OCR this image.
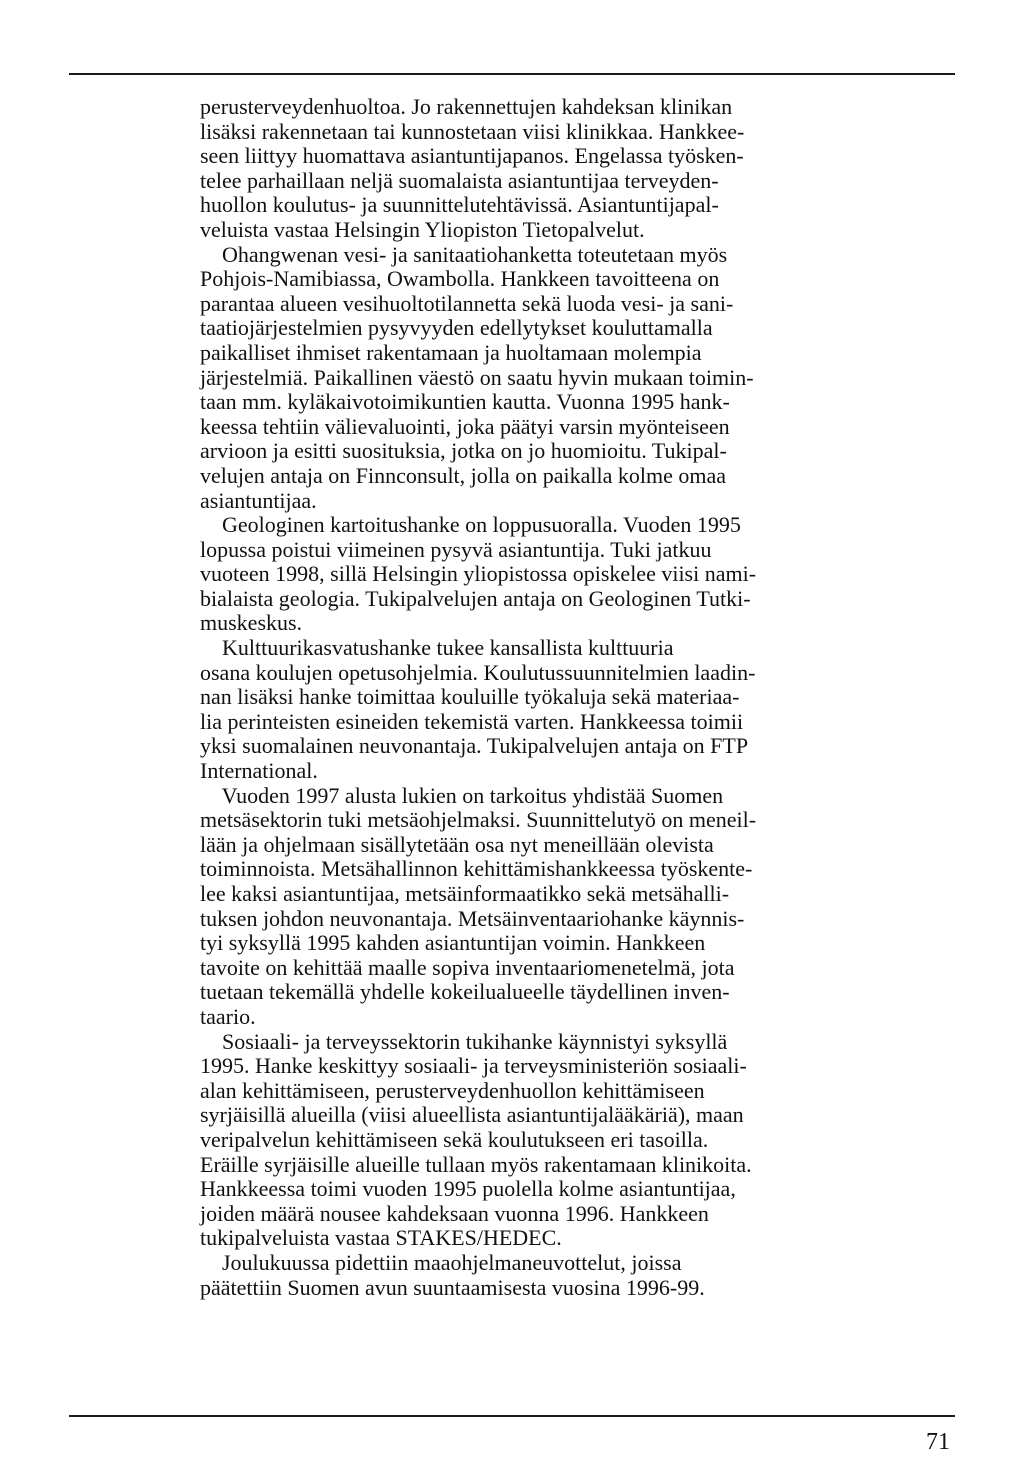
perusterveydenhuoltoa. Jo rakennettujen kahdeksan klinikan
lisäksi rakennetaan tai kunnostetaan viisi klinikkaa. Hankkee-
seen liittyy huomattava asiantuntijapanos. Engelassa työsken-
telee parhaillaan neljä suomalaista asiantuntijaa terveyden-
huollon koulutus- ja suunnittelutehtävissä. Asiantuntijapal-
veluista vastaa Helsingin Yliopiston Tietopalvelut.
Ohangwenan vesi- ja sanitaatiohanketta toteutetaan myös
Pohjois-Namibiassa, Owambolla. Hankkeen tavoitteena on
parantaa alueen vesihuoltotilannetta sekä luoda vesi- ja sani-
taatiojärjestelmien pysyvyyden edellytykset kouluttamalla
paikalliset ihmiset rakentamaan ja huoltamaan molempia
järjestelmiä. Paikallinen väestö on saatu hyvin mukaan toimin-
taan mm. kyläkaivotoimikuntien kautta. Vuonna 1995 hank-
keessa tehtiin välievaluointi, joka päätyi varsin myönteiseen
arvioon ja esitti suosituksia, jotka on jo huomioitu. Tukipal-
velujen antaja on Finnconsult, jolla on paikalla kolme omaa
asiantuntijaa.
Geologinen kartoitushanke on loppusuoralla. Vuoden 1995
lopussa poistui viimeinen pysyvä asiantuntija. Tuki jatkuu
vuoteen 1998, sillä Helsingin yliopistossa opiskelee viisi nami-
bialaista geologia. Tukipalvelujen antaja on Geologinen Tutki-
muskeskus.
Kulttuurikasvatushanke tukee kansallista kulttuuria
osana koulujen opetusohjelmia. Koulutussuunnitelmien laadin-
nan lisäksi hanke toimittaa kouluille työkaluja sekä materiaa-
lia perinteisten esineiden tekemistä varten. Hankkeessa toimii
yksi suomalainen neuvonantaja. Tukipalvelujen antaja on FTP
International.
Vuoden 1997 alusta lukien on tarkoitus yhdistää Suomen
metsäsektorin tuki metsäohjelmaksi. Suunnittelutyö on meneil-
lään ja ohjelmaan sisällytetään osa nyt meneillään olevista
toiminnoista. Metsähallinnon kehittämishankkeessa työskente-
lee kaksi asiantuntijaa, metsäinformaatikko sekä metsähalli-
tuksen johdon neuvonantaja. Metsäinventaariohanke käynnis-
tyi syksyllä 1995 kahden asiantuntijan voimin. Hankkeen
tavoite on kehittää maalle sopiva inventaariomenetelmä, jota
tuetaan tekemällä yhdelle kokeilualueelle täydellinen inven-
taario.
Sosiaali- ja terveyssektorin tukihanke käynnistyi syksyllä
1995. Hanke keskittyy sosiaali- ja terveysministeriön sosiaali-
alan kehittämiseen, perusterveydenhuollon kehittämiseen
syrjäisillä alueilla (viisi alueellista asiantuntijalääkäriä), maan
veripalvelun kehittämiseen sekä koulutukseen eri tasoilla.
Eräille syrjäisille alueille tullaan myös rakentamaan klinikoita.
Hankkeessa toimi vuoden 1995 puolella kolme asiantuntijaa,
joiden määrä nousee kahdeksaan vuonna 1996. Hankkeen
tukipalveluista vastaa STAKES/HEDEC.
Joulukuussa pidettiin maaohjelmaneuvottelut, joissa
päätettiin Suomen avun suuntaamisesta vuosina 1996-99.
71
